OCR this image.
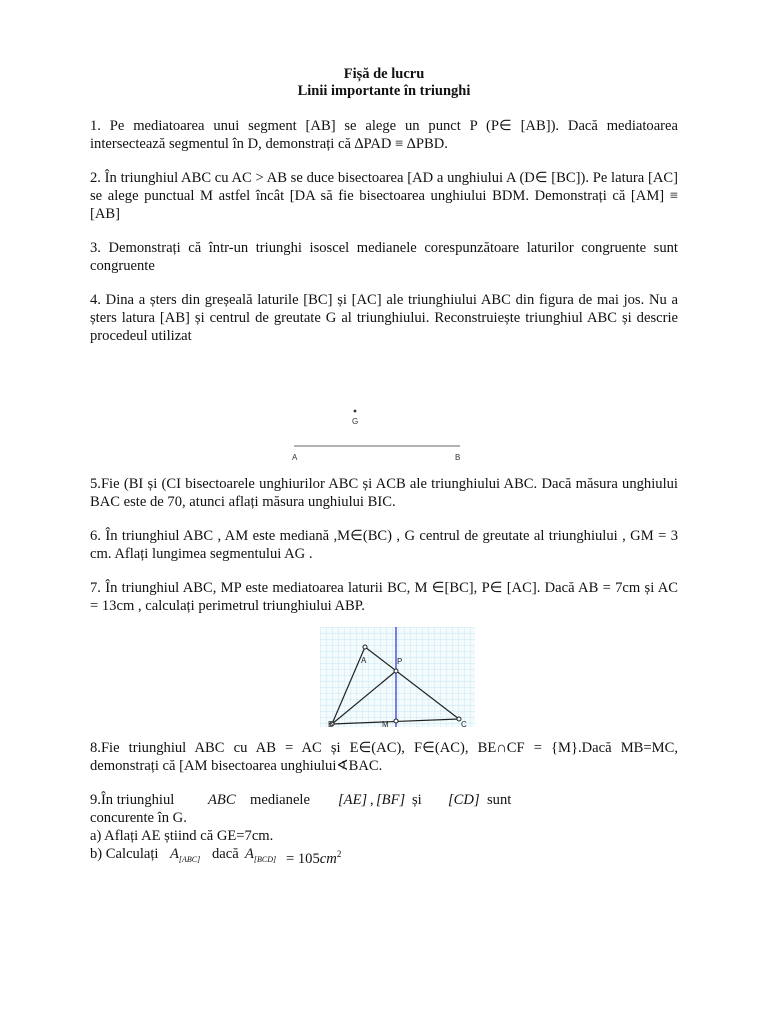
Fișă de lucru
Linii importante în triunghi

1. Pe mediatoarea unui segment [AB] se alege un punct P (P∈ [AB]). Dacă mediatoarea intersectează segmentul în D, demonstrați că ∆PAD ≡ ∆PBD.

2. În triunghiul ABC cu AC > AB se duce bisectoarea [AD a unghiului A (D∈ [BC]). Pe latura [AC] se alege punctual M astfel încât [DA să fie bisectoarea unghiului BDM. Demonstrați că [AM] ≡ [AB]

3. Demonstrați că într-un triunghi isoscel medianele corespunzătoare laturilor congruente sunt congruente

4. Dina a șters din greșeală laturile [BC] și [AC] ale triunghiului ABC din figura de mai jos. Nu a șters latura [AB] și centrul de greutate G al triunghiului. Reconstruiește triunghiul ABC și descrie procedeul utilizat

5.Fie (BI și (CI bisectoarele unghiurilor ABC și ACB ale triunghiului ABC. Dacă măsura unghiului BAC este de 70, atunci aflați măsura unghiului BIC.

6. În triunghiul ABC , AM este mediană ,M∈(BC) , G centrul de greutate al triunghiului , GM = 3 cm. Aflați lungimea segmentului AG .

7. În triunghiul ABC, MP este mediatoarea laturii BC, M ∈[BC], P∈ [AC]. Dacă AB = 7cm și AC = 13cm , calculați perimetrul triunghiului ABP.

8.Fie triunghiul ABC cu AB = AC și E∈(AC), F∈(AC), BE∩CF = {M}.Dacă MB=MC, demonstrați că [AM bisectoarea unghiului∢BAC.

9.În triunghiul ABC medianele [AE] , [BF] și [CD] sunt
concurente în G.
a) Aflați AE știind că GE=7cm.
b) Calculați $A_{[ABC]}$ dacă $A_{[BCD]} = 105cm^2$
G
A	B
A	P
B	M	C
